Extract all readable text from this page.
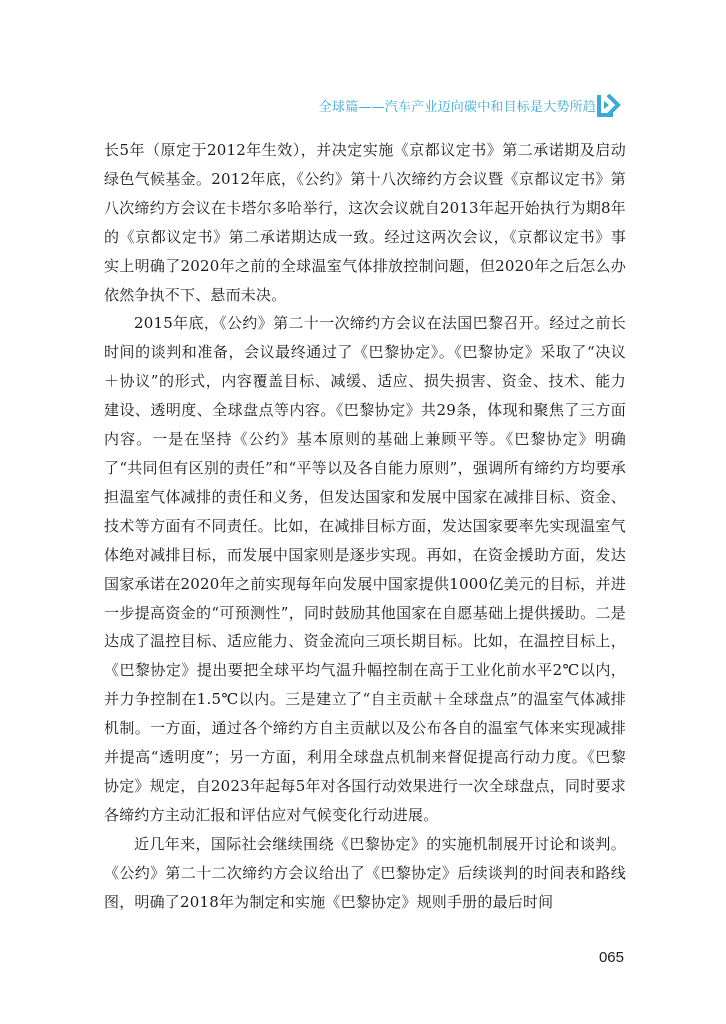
全球篇——汽车产业迈向碳中和目标是大势所趋

长5年（原定于2012年生效），并决定实施《京都议定书》第二承诺期及启动绿色气候基金。2012年底，《公约》第十八次缔约方会议暨《京都议定书》第八次缔约方会议在卡塔尔多哈举行，这次会议就自2013年起开始执行为期8年的《京都议定书》第二承诺期达成一致。经过这两次会议，《京都议定书》事实上明确了2020年之前的全球温室气体排放控制问题，但2020年之后怎么办依然争执不下、悬而未决。

2015年底，《公约》第二十一次缔约方会议在法国巴黎召开。经过之前长时间的谈判和准备，会议最终通过了《巴黎协定》。《巴黎协定》采取了“决议＋协议”的形式，内容覆盖目标、减缓、适应、损失损害、资金、技术、能力建设、透明度、全球盘点等内容。《巴黎协定》共29条，体现和聚焦了三方面内容。一是在坚持《公约》基本原则的基础上兼顾平等。《巴黎协定》明确了“共同但有区别的责任”和“平等以及各自能力原则”，强调所有缔约方均要承担温室气体减排的责任和义务，但发达国家和发展中国家在减排目标、资金、技术等方面有不同责任。比如，在减排目标方面，发达国家要率先实现温室气体绝对减排目标，而发展中国家则是逐步实现。再如，在资金援助方面，发达国家承诺在2020年之前实现每年向发展中国家提供1000亿美元的目标，并进一步提高资金的“可预测性”，同时鼓励其他国家在自愿基础上提供援助。二是达成了温控目标、适应能力、资金流向三项长期目标。比如，在温控目标上，《巴黎协定》提出要把全球平均气温升幅控制在高于工业化前水平2℃以内，并力争控制在1.5℃以内。三是建立了“自主贡献＋全球盘点”的温室气体减排机制。一方面，通过各个缔约方自主贡献以及公布各自的温室气体来实现减排并提高“透明度”；另一方面，利用全球盘点机制来督促提高行动力度。《巴黎协定》规定，自2023年起每5年对各国行动效果进行一次全球盘点，同时要求各缔约方主动汇报和评估应对气候变化行动进展。

近几年来，国际社会继续围绕《巴黎协定》的实施机制展开讨论和谈判。《公约》第二十二次缔约方会议给出了《巴黎协定》后续谈判的时间表和路线图，明确了2018年为制定和实施《巴黎协定》规则手册的最后时间

065
